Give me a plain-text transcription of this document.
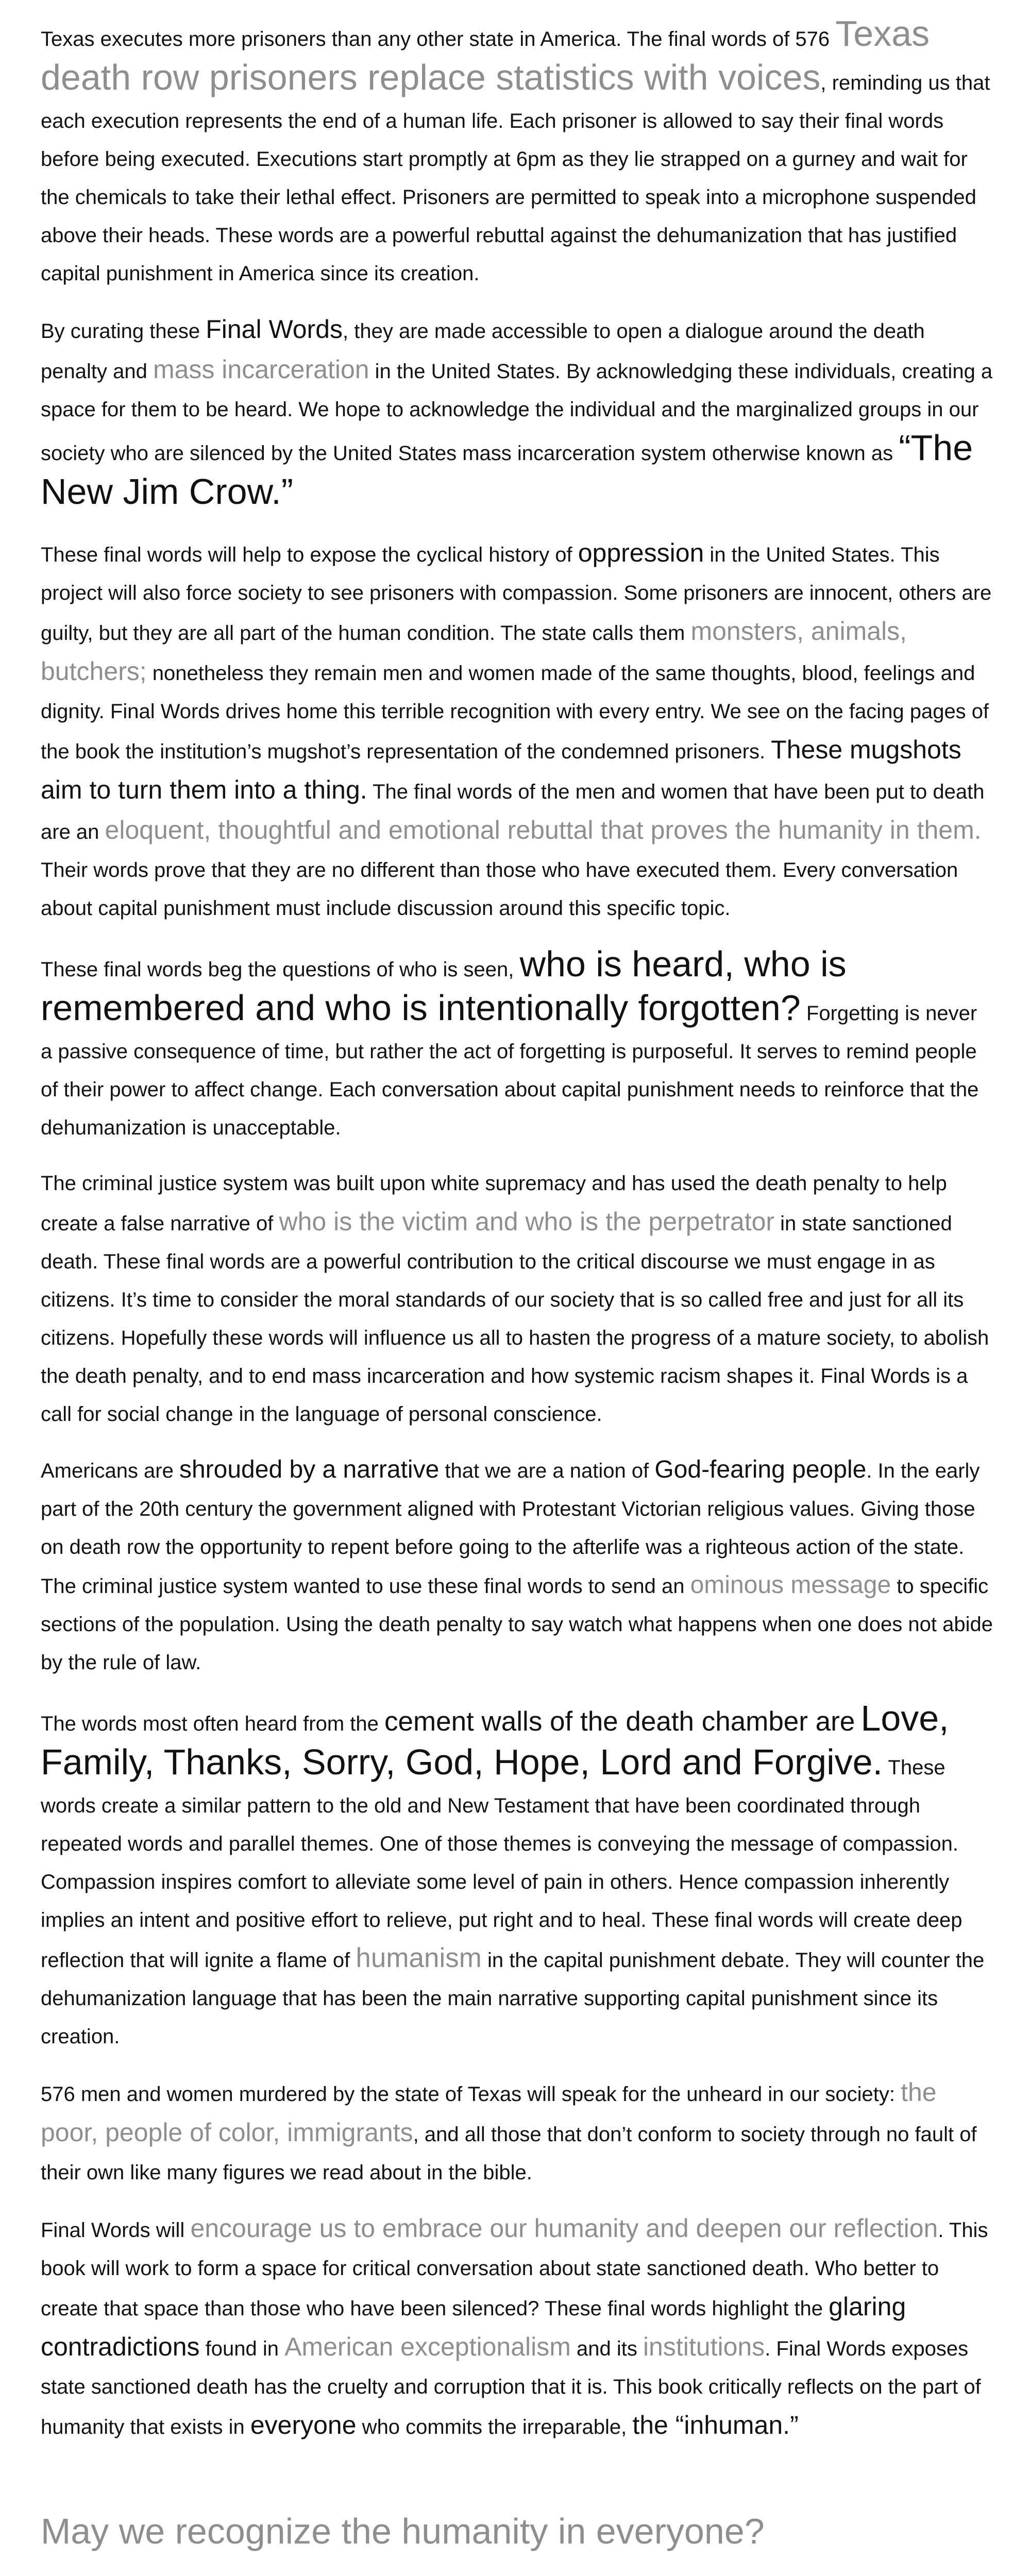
Texas executes more prisoners than any other state in America. The final words of 576 Texas death row prisoners replace statistics with voices, reminding us that each execution represents the end of a human life. Each prisoner is allowed to say their final words before being executed. Executions start promptly at 6pm as they lie strapped on a gurney and wait for the chemicals to take their lethal effect. Prisoners are permitted to speak into a microphone suspended above their heads. These words are a powerful rebuttal against the dehumanization that has justified capital punishment in America since its creation.

By curating these Final Words, they are made accessible to open a dialogue around the death penalty and mass incarceration in the United States. By acknowledging these individuals, creating a space for them to be heard. We hope to acknowledge the individual and the marginalized groups in our society who are silenced by the United States mass incarceration system otherwise known as “The New Jim Crow.”

These final words will help to expose the cyclical history of oppression in the United States. This project will also force society to see prisoners with compassion. Some prisoners are innocent, others are guilty, but they are all part of the human condition. The state calls them monsters, animals, butchers; nonetheless they remain men and women made of the same thoughts, blood, feelings and dignity. Final Words drives home this terrible recognition with every entry. We see on the facing pages of the book the institution’s mugshot’s representation of the condemned prisoners. These mugshots aim to turn them into a thing. The final words of the men and women that have been put to death are an eloquent, thoughtful and emotional rebuttal that proves the humanity in them. Their words prove that they are no different than those who have executed them. Every conversation about capital punishment must include discussion around this specific topic.

These final words beg the questions of who is seen, who is heard, who is remembered and who is intentionally forgotten? Forgetting is never a passive consequence of time, but rather the act of forgetting is purposeful. It serves to remind people of their power to affect change. Each conversation about capital punishment needs to reinforce that the dehumanization is unacceptable.

The criminal justice system was built upon white supremacy and has used the death penalty to help create a false narrative of who is the victim and who is the perpetrator in state sanctioned death. These final words are a powerful contribution to the critical discourse we must engage in as citizens. It’s time to consider the moral standards of our society that is so called free and just for all its citizens. Hopefully these words will influence us all to hasten the progress of a mature society, to abolish the death penalty, and to end mass incarceration and how systemic racism shapes it. Final Words is a call for social change in the language of personal conscience.

Americans are shrouded by a narrative that we are a nation of God-fearing people. In the early part of the 20th century the government aligned with Protestant Victorian religious values. Giving those on death row the opportunity to repent before going to the afterlife was a righteous action of the state. The criminal justice system wanted to use these final words to send an ominous message to specific sections of the population. Using the death penalty to say watch what happens when one does not abide by the rule of law.

The words most often heard from the cement walls of the death chamber are Love, Family, Thanks, Sorry, God, Hope, Lord and Forgive. These words create a similar pattern to the old and New Testament that have been coordinated through repeated words and parallel themes. One of those themes is conveying the message of compassion. Compassion inspires comfort to alleviate some level of pain in others. Hence compassion inherently implies an intent and positive effort to relieve, put right and to heal. These final words will create deep reflection that will ignite a flame of humanism in the capital punishment debate. They will counter the dehumanization language that has been the main narrative supporting capital punishment since its creation.

576 men and women murdered by the state of Texas will speak for the unheard in our society: the poor, people of color, immigrants, and all those that don’t conform to society through no fault of their own like many figures we read about in the bible.

Final Words will encourage us to embrace our humanity and deepen our reflection. This book will work to form a space for critical conversation about state sanctioned death. Who better to create that space than those who have been silenced? These final words highlight the glaring contradictions found in American exceptionalism and its institutions. Final Words exposes state sanctioned death has the cruelty and corruption that it is. This book critically reflects on the part of humanity that exists in everyone who commits the irreparable, the “inhuman.”

May we recognize the humanity in everyone?
